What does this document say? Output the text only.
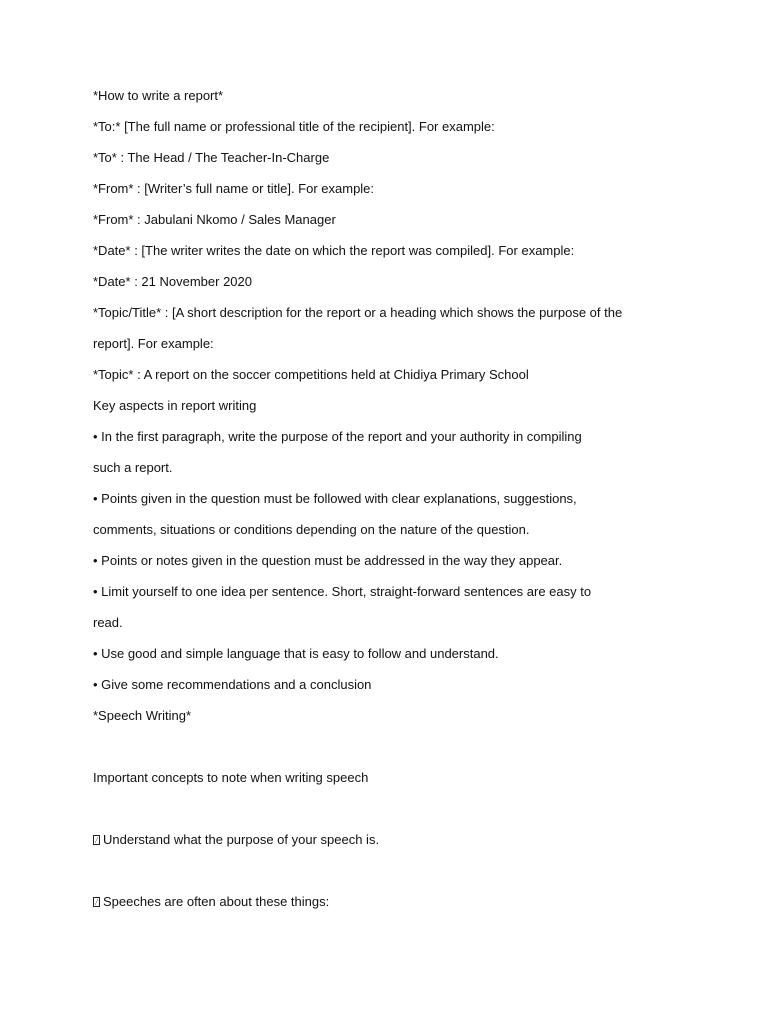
*How to write a report*
*To:* [The full name or professional title of the recipient]. For example:
*To* : The Head / The Teacher-In-Charge
*From* : [Writer’s full name or title]. For example:
*From* : Jabulani Nkomo / Sales Manager
*Date* : [The writer writes the date on which the report was compiled]. For example:
*Date* : 21 November 2020
*Topic/Title* : [A short description for the report or a heading which shows the purpose of the
report]. For example:
*Topic* : A report on the soccer competitions held at Chidiya Primary School
Key aspects in report writing
• In the first paragraph, write the purpose of the report and your authority in compiling
such a report.
• Points given in the question must be followed with clear explanations, suggestions,
comments, situations or conditions depending on the nature of the question.
• Points or notes given in the question must be addressed in the way they appear.
• Limit yourself to one idea per sentence. Short, straight-forward sentences are easy to
read.
• Use good and simple language that is easy to follow and understand.
• Give some recommendations and a conclusion
*Speech Writing*
Important concepts to note when writing speech
Understand what the purpose of your speech is.
Speeches are often about these things:
